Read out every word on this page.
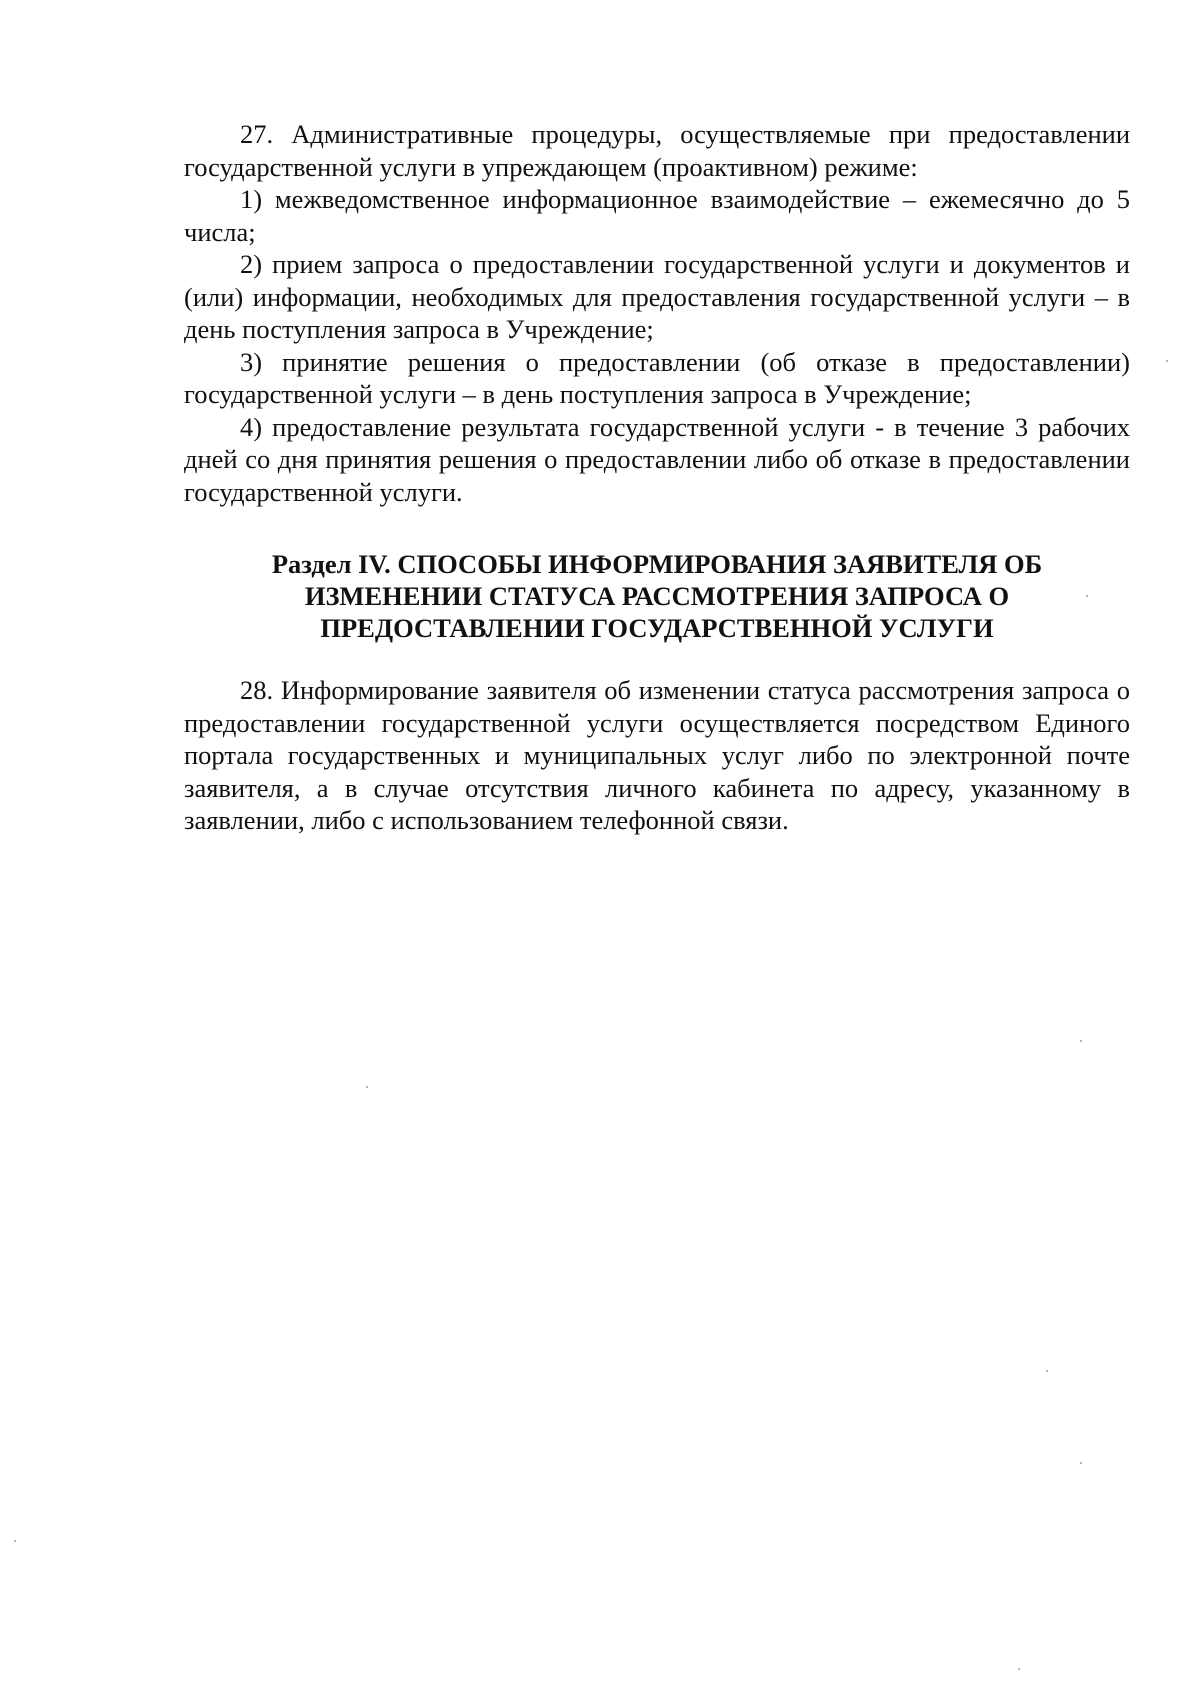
27. Административные процедуры, осуществляемые при предоставлении государственной услуги в упреждающем (проактивном) режиме:

1) межведомственное информационное взаимодействие – ежемесячно до 5 числа;

2) прием запроса о предоставлении государственной услуги и документов и (или) информации, необходимых для предоставления государственной услуги – в день поступления запроса в Учреждение;

3) принятие решения о предоставлении (об отказе в предоставлении) государственной услуги – в день поступления запроса в Учреждение;

4) предоставление результата государственной услуги - в течение 3 рабочих дней со дня принятия решения о предоставлении либо об отказе в предоставлении государственной услуги.

Раздел IV. СПОСОБЫ ИНФОРМИРОВАНИЯ ЗАЯВИТЕЛЯ ОБ
ИЗМЕНЕНИИ СТАТУСА РАССМОТРЕНИЯ ЗАПРОСА О
ПРЕДОСТАВЛЕНИИ ГОСУДАРСТВЕННОЙ УСЛУГИ

28. Информирование заявителя об изменении статуса рассмотрения запроса о предоставлении государственной услуги осуществляется посредством Единого портала государственных и муниципальных услуг либо по электронной почте заявителя, а в случае отсутствия личного кабинета по адресу, указанному в заявлении, либо с использованием телефонной связи.
